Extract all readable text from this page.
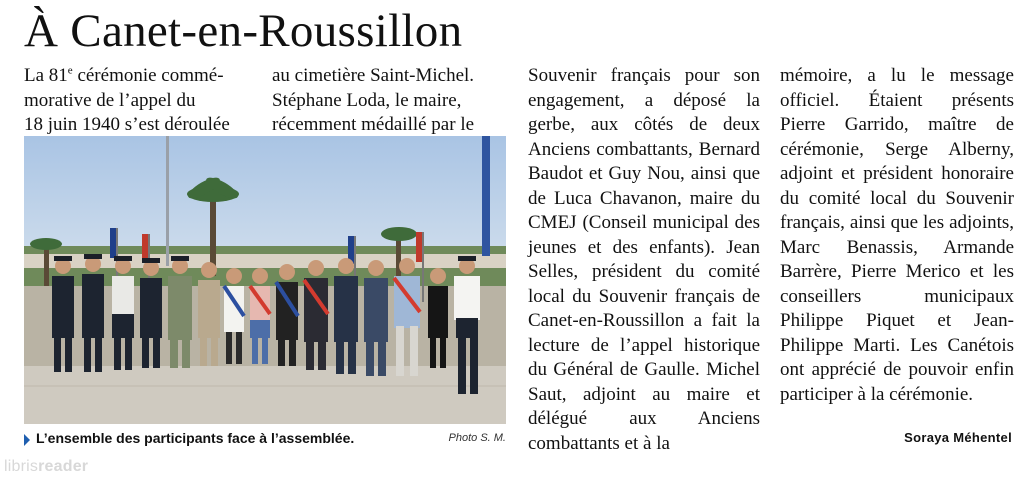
À Canet-en-Roussillon

La 81e cérémonie commé-

morative de l’appel du

18 juin 1940 s’est déroulée

au cimetière Saint-Michel.

Stéphane Loda, le maire,

récemment médaillé par le

Souvenir français pour son engagement, a déposé la gerbe, aux côtés de deux Anciens combattants, Bernard Baudot et Guy Nou, ainsi que de Luca Chavanon, maire du CMEJ (Conseil municipal des jeunes et des enfants). Jean Selles, président du comité local du Souvenir français de Canet-en-Roussillon a fait la lecture de l’appel historique du Général de Gaulle. Michel Saut, adjoint au maire et délégué aux Anciens combattants et à la

mémoire, a lu le message officiel. Étaient présents Pierre Garrido, maître de cérémonie, Serge Alberny, adjoint et président honoraire du comité local du Souvenir français, ainsi que les adjoints, Marc Benassis, Armande Barrère, Pierre Merico et les conseillers municipaux Philippe Piquet et Jean-Philippe Marti. Les Canétois ont apprécié de pouvoir enfin participer à la cérémonie.

L’ensemble des participants face à l’assemblée.	Photo S. M.	Soraya Méhentel
librisreader
